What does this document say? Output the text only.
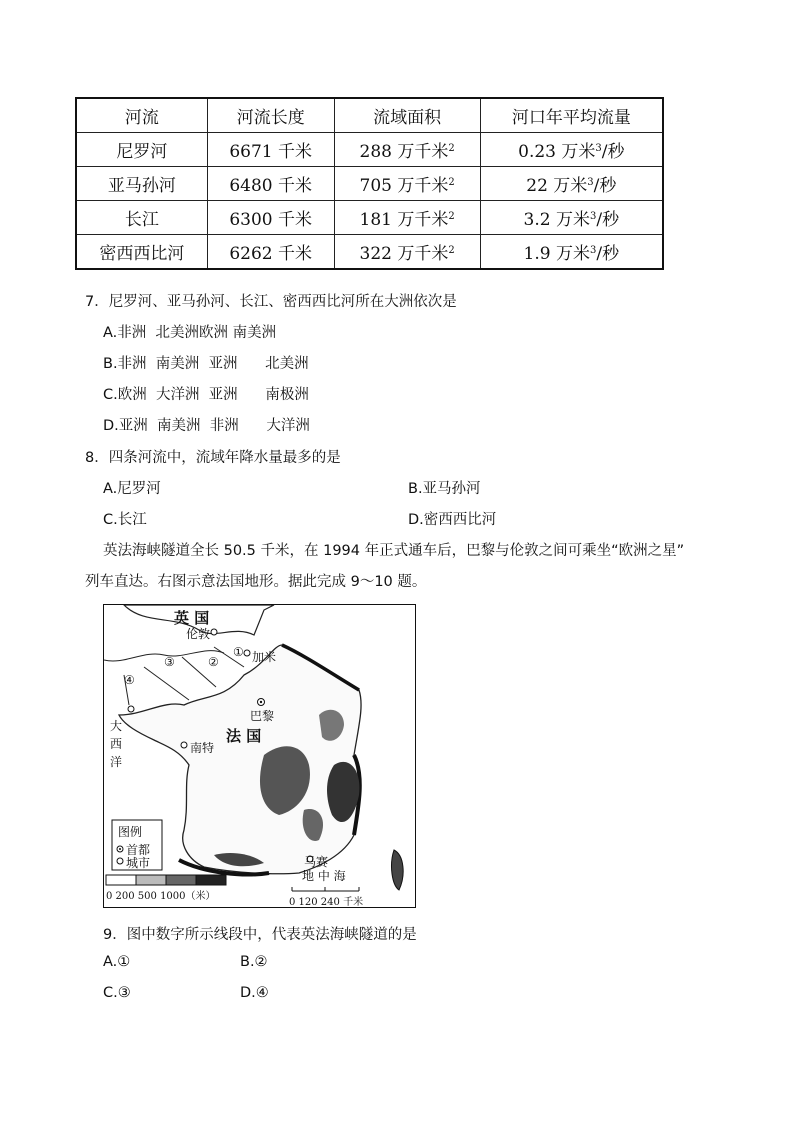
河流	河流长度	流域面积	河口年平均流量
尼罗河	6671 千米	288 万千米$^2$	0.23 万米$^3$/秒
亚马孙河	6480 千米	705 万千米$^2$	22 万米$^3$/秒
长江	6300 千米	181 万千米$^2$	3.2 万米$^3$/秒
密西西比河	6262 千米	322 万千米$^2$	1.9 万米$^3$/秒
7．尼罗河、亚马孙河、长江、密西西比河所在大洲依次是
A.非洲  北美洲欧洲 南美洲
B.非洲  南美洲  亚洲      北美洲
C.欧洲  大洋洲  亚洲      南极洲
D.亚洲  南美洲  非洲      大洋洲
8．四条河流中，流域年降水量最多的是
A.尼罗河	B.亚马孙河
C.长江	D.密西西比河
英法海峡隧道全长 50.5 千米，在 1994 年正式通车后，巴黎与伦敦之间可乘坐“欧洲之星”
列车直达。右图示意法国地形。据此完成 9～10 题。
英 国
伦敦
① 加米
②
③
④
巴黎
法 国
大
西
洋
南特
马赛
地 中 海
图例
首都
城市
0 200 500 1000（米）
0 120 240 千米
9．图中数字所示线段中，代表英法海峡隧道的是
A.①	B.②
C.③	D.④
